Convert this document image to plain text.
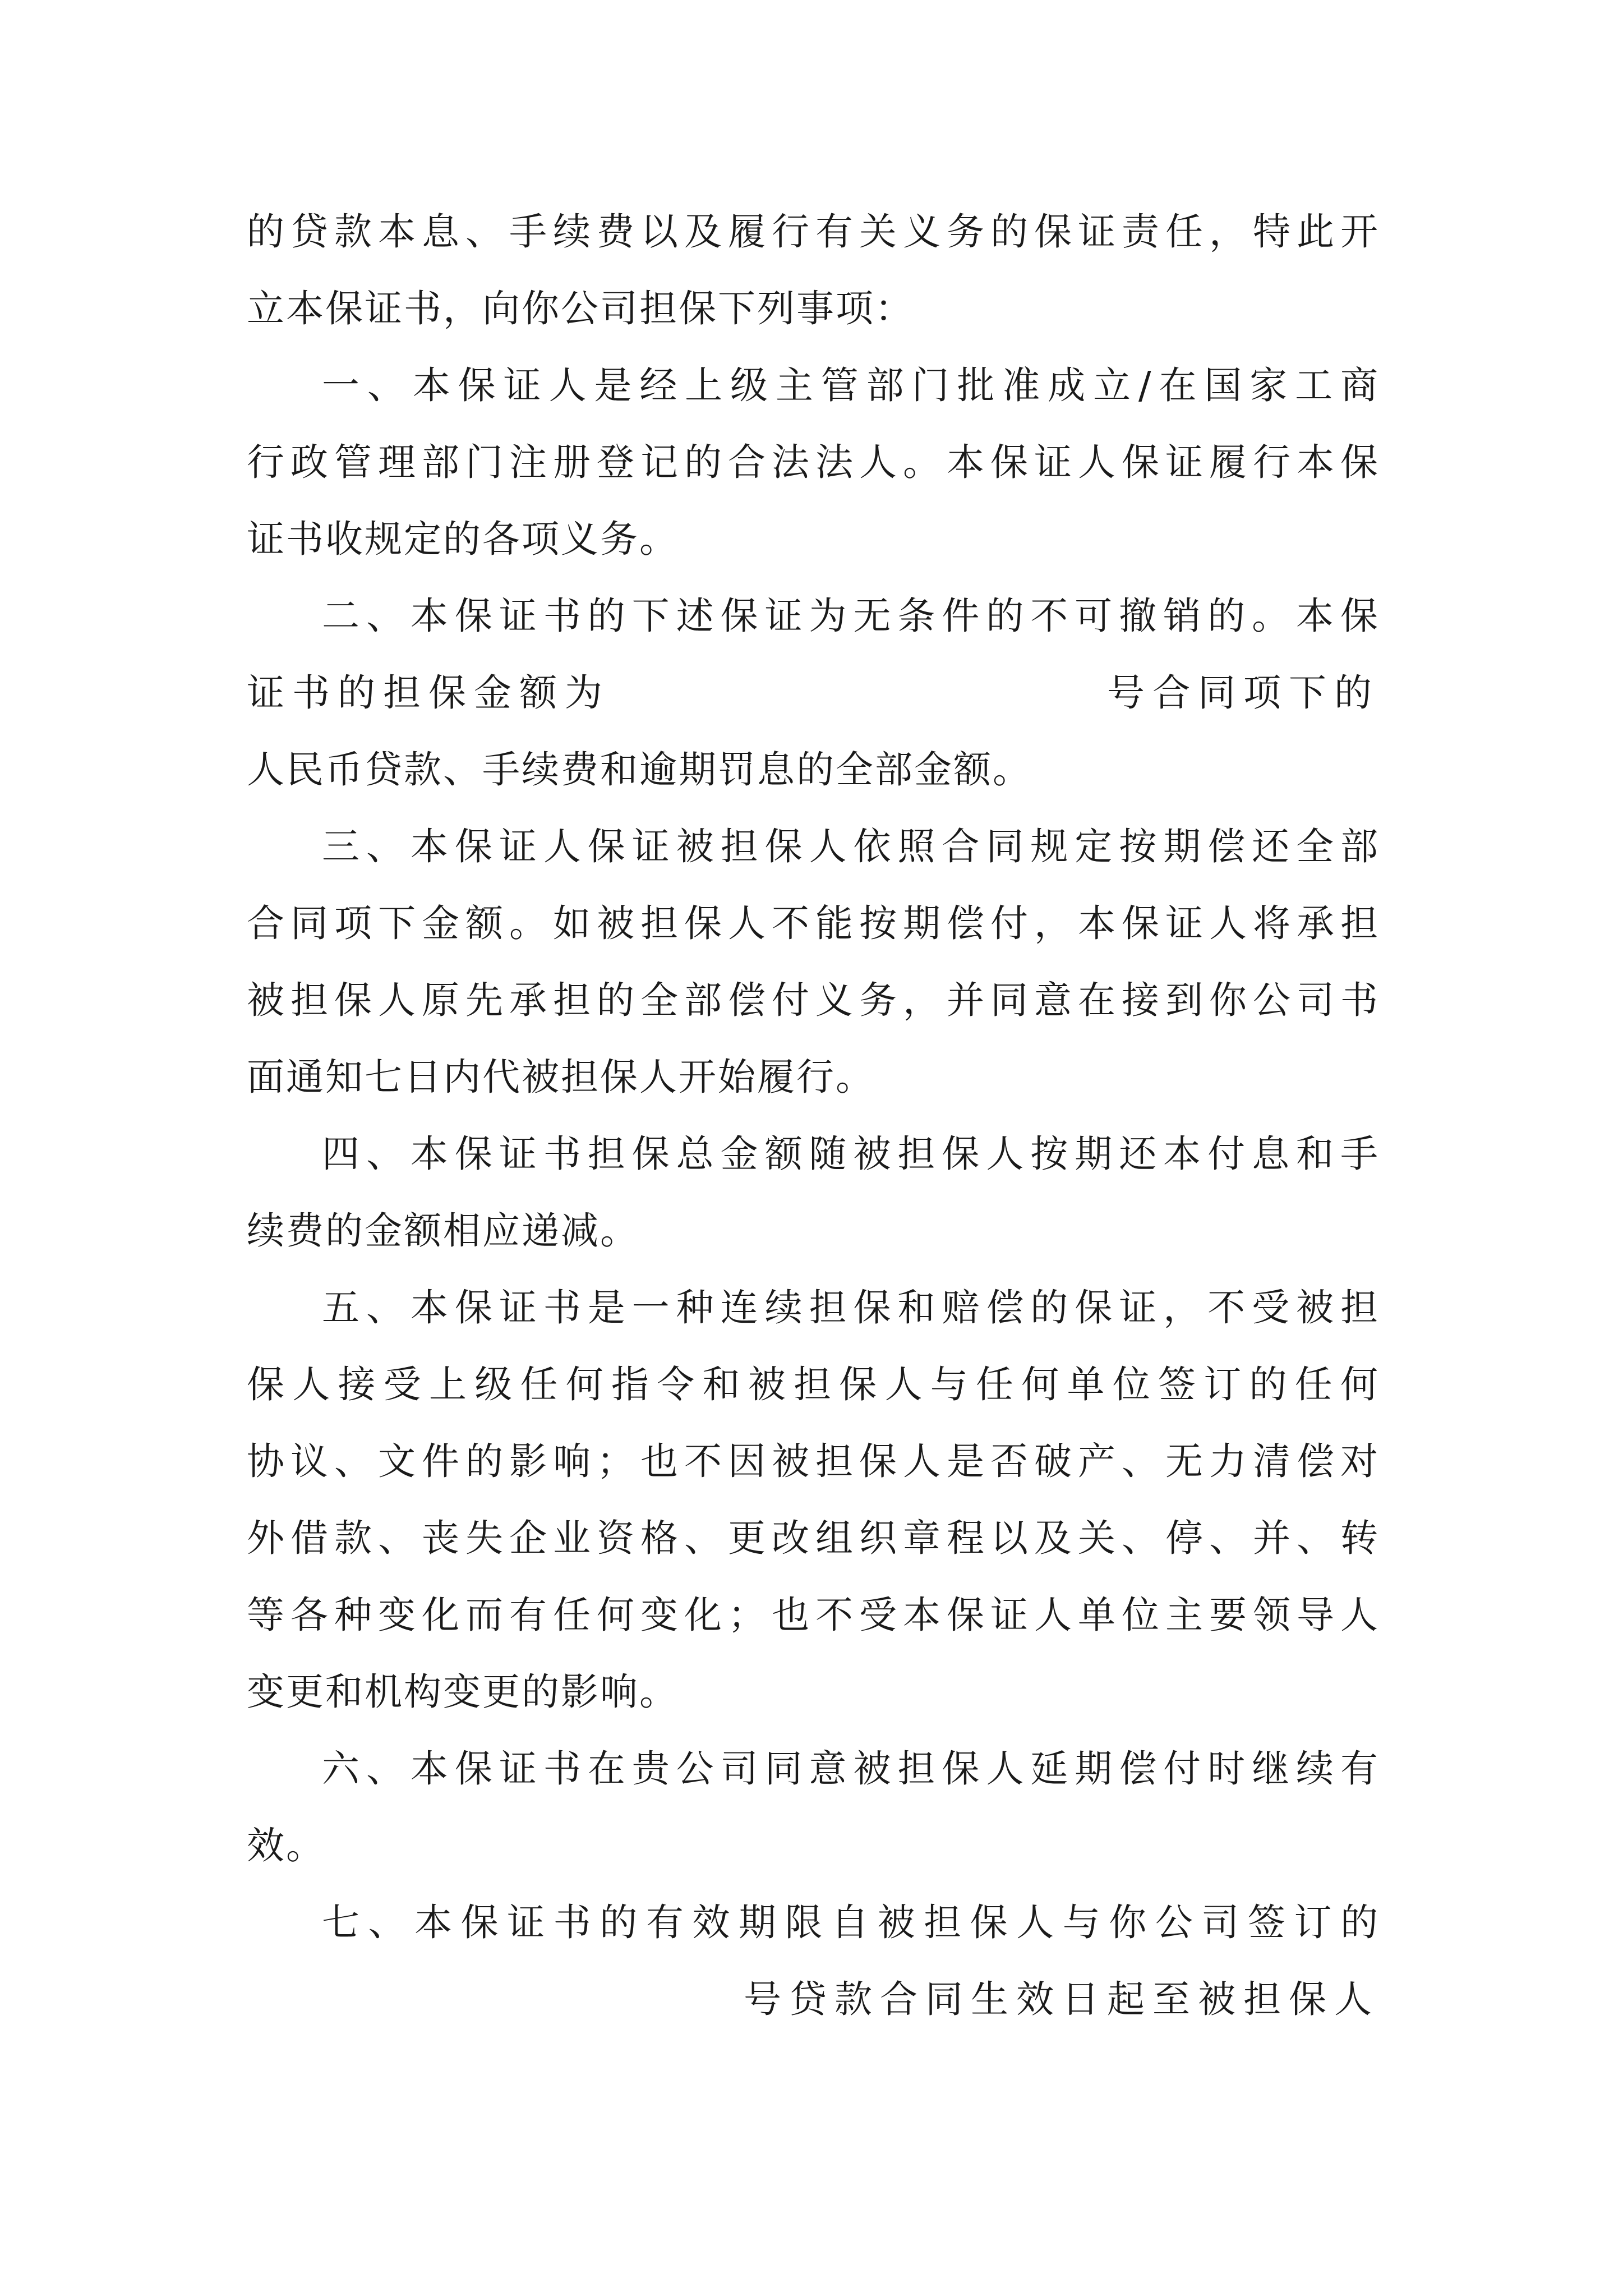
的贷款本息、手续费以及履行有关义务的保证责任，特此开
立本保证书，向你公司担保下列事项：
一、本保证人是经上级主管部门批准成立/在国家工商
行政管理部门注册登记的合法法人。本保证人保证履行本保
证书收规定的各项义务。
二、本保证书的下述保证为无条件的不可撤销的。本保
证书的担保金额为	号合同项下的
人民币贷款、手续费和逾期罚息的全部金额。
三、本保证人保证被担保人依照合同规定按期偿还全部
合同项下金额。如被担保人不能按期偿付，本保证人将承担
被担保人原先承担的全部偿付义务，并同意在接到你公司书
面通知七日内代被担保人开始履行。
四、本保证书担保总金额随被担保人按期还本付息和手
续费的金额相应递减。
五、本保证书是一种连续担保和赔偿的保证，不受被担
保人接受上级任何指令和被担保人与任何单位签订的任何
协议、文件的影响；也不因被担保人是否破产、无力清偿对
外借款、丧失企业资格、更改组织章程以及关、停、并、转
等各种变化而有任何变化；也不受本保证人单位主要领导人
变更和机构变更的影响。
六、本保证书在贵公司同意被担保人延期偿付时继续有
效。
七、本保证书的有效期限自被担保人与你公司签订的
号贷款合同生效日起至被担保人
